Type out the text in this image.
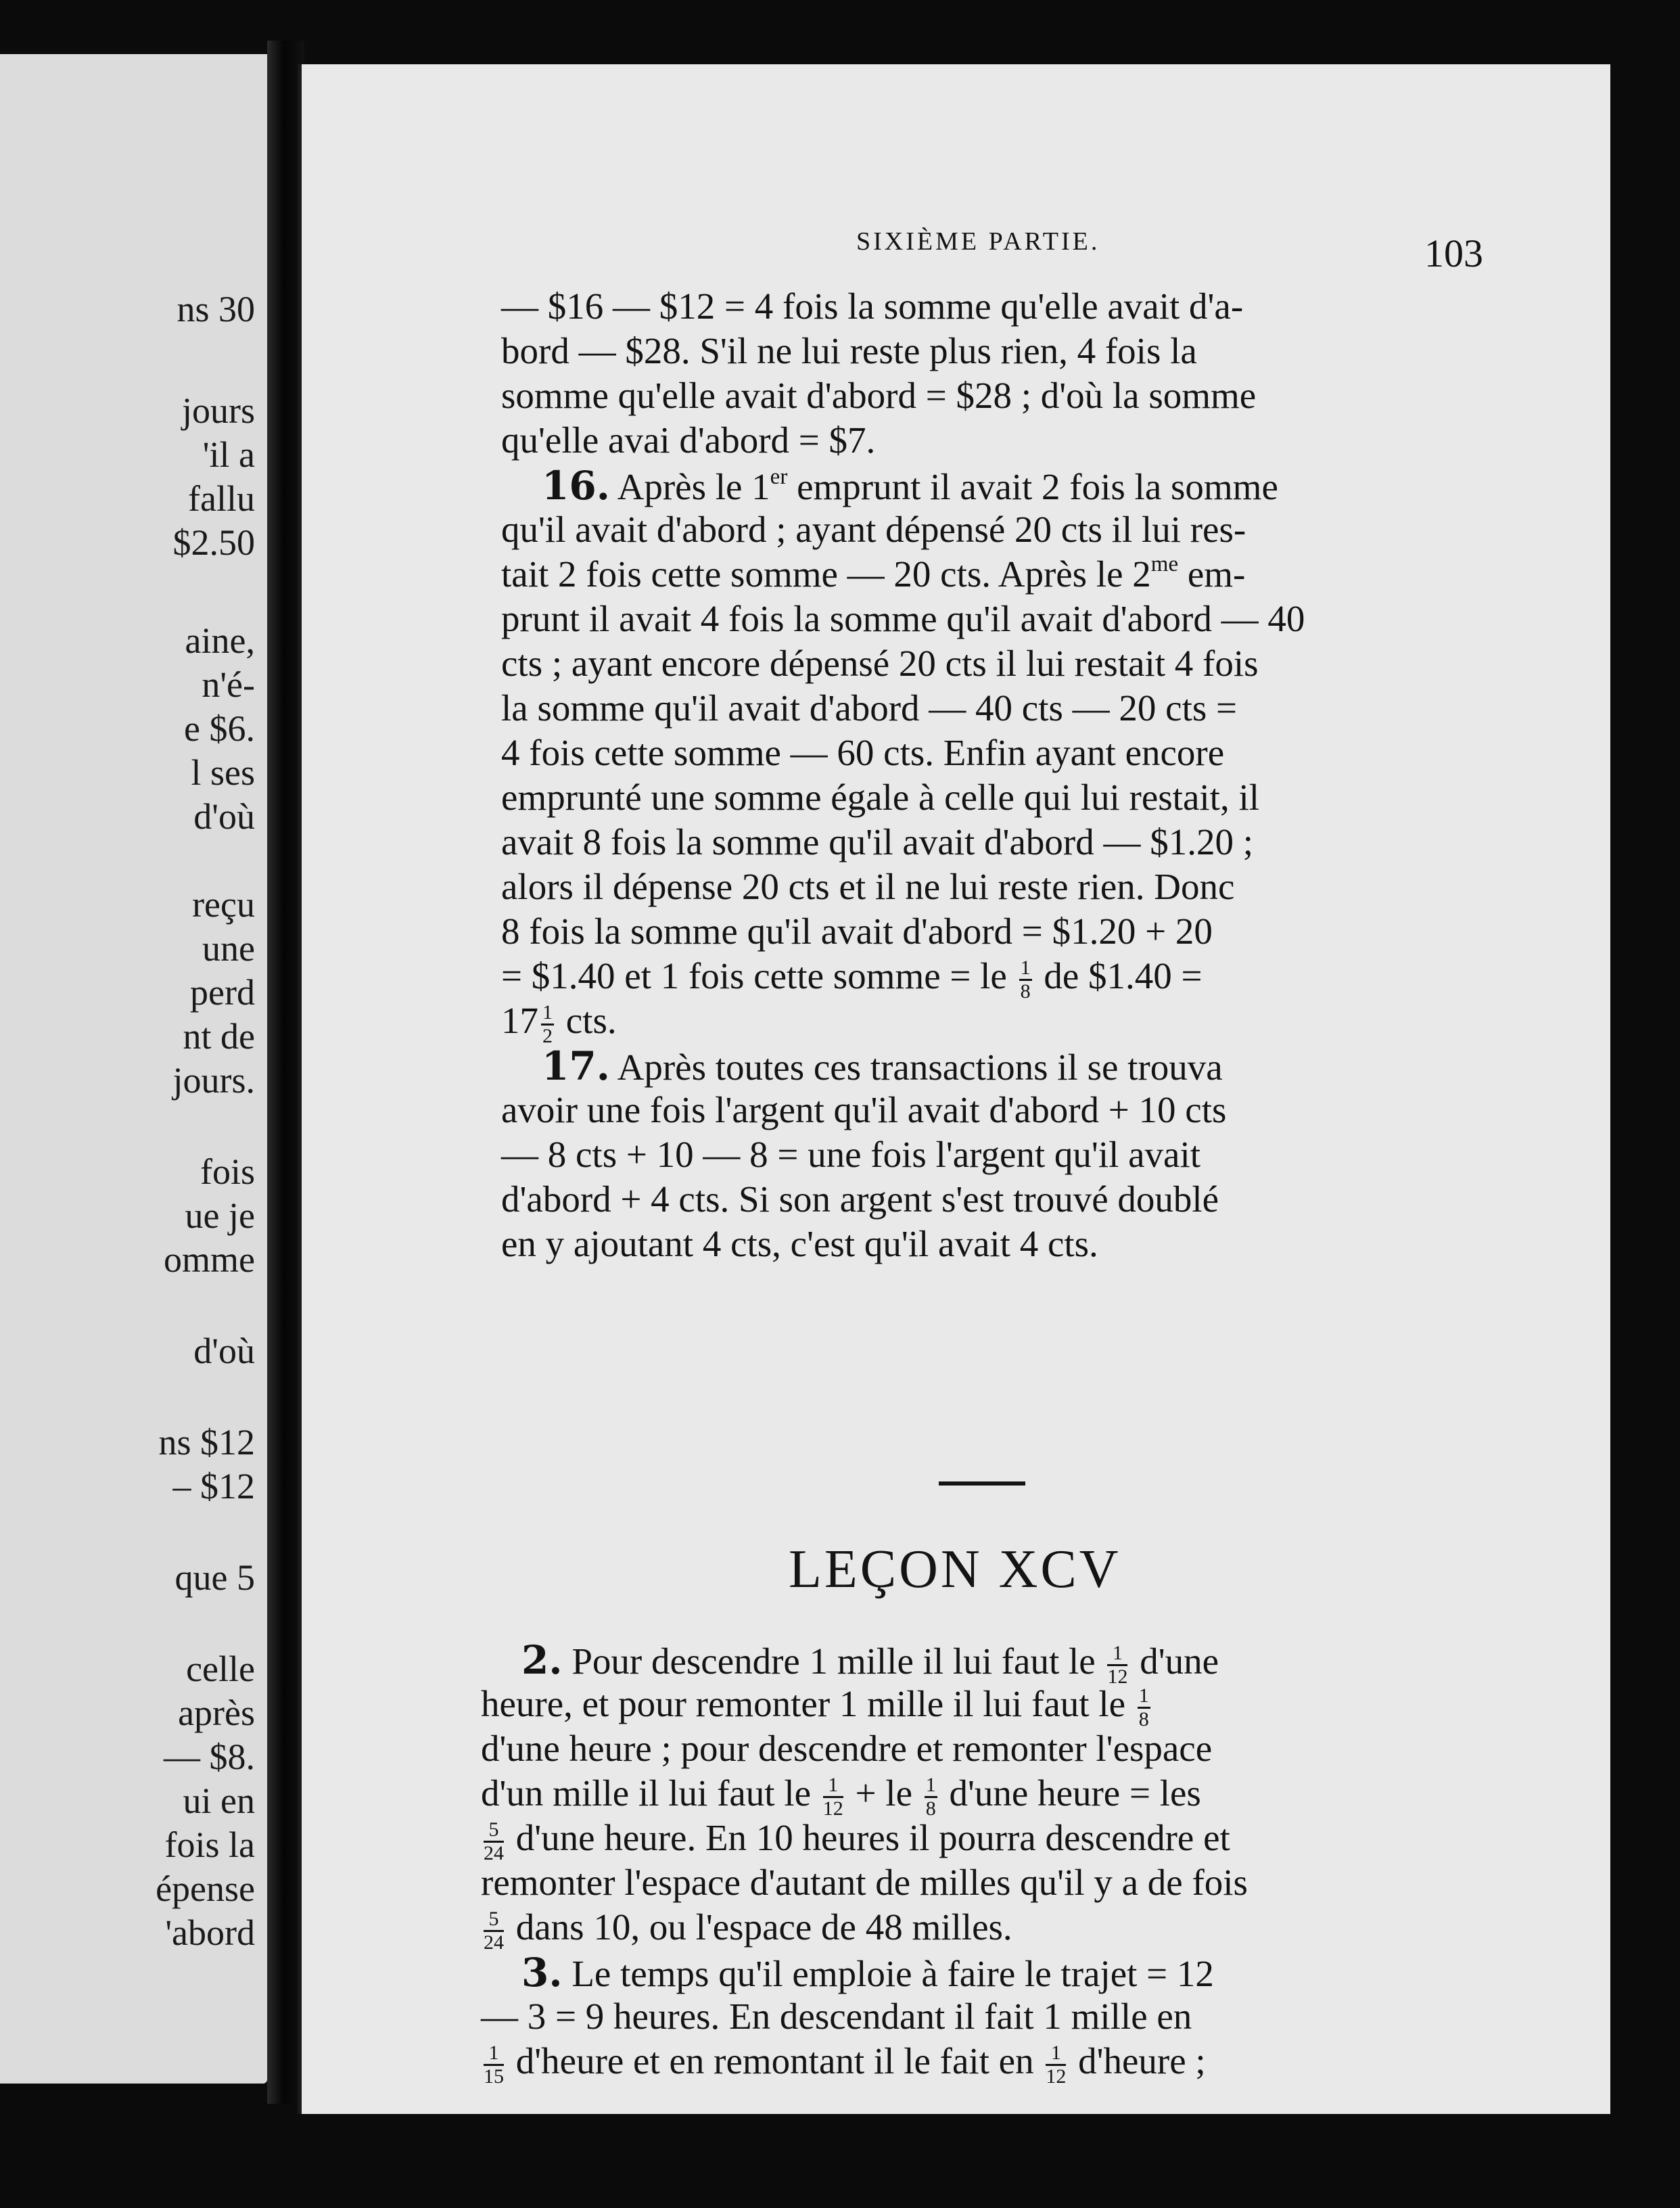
ns 30
jours
'il a
fallu
$2.50
aine,
n'é-
e $6.
l ses
d'où
reçu
une
perd
nt de
jours.
fois
ue je
omme
d'où
ns $12
– $12
que 5
celle
après
— $8.
ui en
fois la
épense
'abord
SIXIÈME PARTIE.	103
— $16 — $12 = 4 fois la somme qu'elle avait d'a-
bord — $28. S'il ne lui reste plus rien, 4 fois la
somme qu'elle avait d'abord = $28 ; d'où la somme
qu'elle avai d'abord = $7.
16. Après le 1er emprunt il avait 2 fois la somme
qu'il avait d'abord ; ayant dépensé 20 cts il lui res-
tait 2 fois cette somme — 20 cts. Après le $2^{me}$ em-
prunt il avait 4 fois la somme qu'il avait d'abord — 40
cts ; ayant encore dépensé 20 cts il lui restait 4 fois
la somme qu'il avait d'abord — 40 cts — 20 cts =
4 fois cette somme — 60 cts. Enfin ayant encore
emprunté une somme égale à celle qui lui restait, il
avait 8 fois la somme qu'il avait d'abord — $1.20 ;
alors il dépense 20 cts et il ne lui reste rien. Donc
8 fois la somme qu'il avait d'abord = $1.20 + 20
= $1.40 et 1 fois cette somme = le $\frac{1}{8}$ de $1.40 =
$17 \frac{1}{2}$ cts.
17. Après toutes ces transactions il se trouva
avoir une fois l'argent qu'il avait d'abord + 10 cts
— 8 cts + 10 — 8 = une fois l'argent qu'il avait
d'abord + 4 cts. Si son argent s'est trouvé doublé
en y ajoutant 4 cts, c'est qu'il avait 4 cts.
LEÇON XCV
2. Pour descendre 1 mille il lui faut le $\frac{1}{12} d'une$
heure, et pour remonter 1 mille il lui faut le $\frac{1}{8}$
d'une heure ; pour descendre et remonter l'espace
d'un mille il lui faut le $\frac{1}{12}$ + le $\frac{1}{8} d'une$ heure = les
$\frac{5}{24} d'une$ heure. En 10 heures il pourra descendre et
remonter l'espace d'autant de milles qu'il y a de fois
$\frac{5}{24}$ dans 10, ou l'espace de 48 milles.
3. Le temps qu'il emploie à faire le trajet = 12
— 3 = 9 heures. En descendant il fait 1 mille en
$\frac{1}{15}$ d'heure et en remontant il le fait en $\frac{1}{12}$ d'heure ;
